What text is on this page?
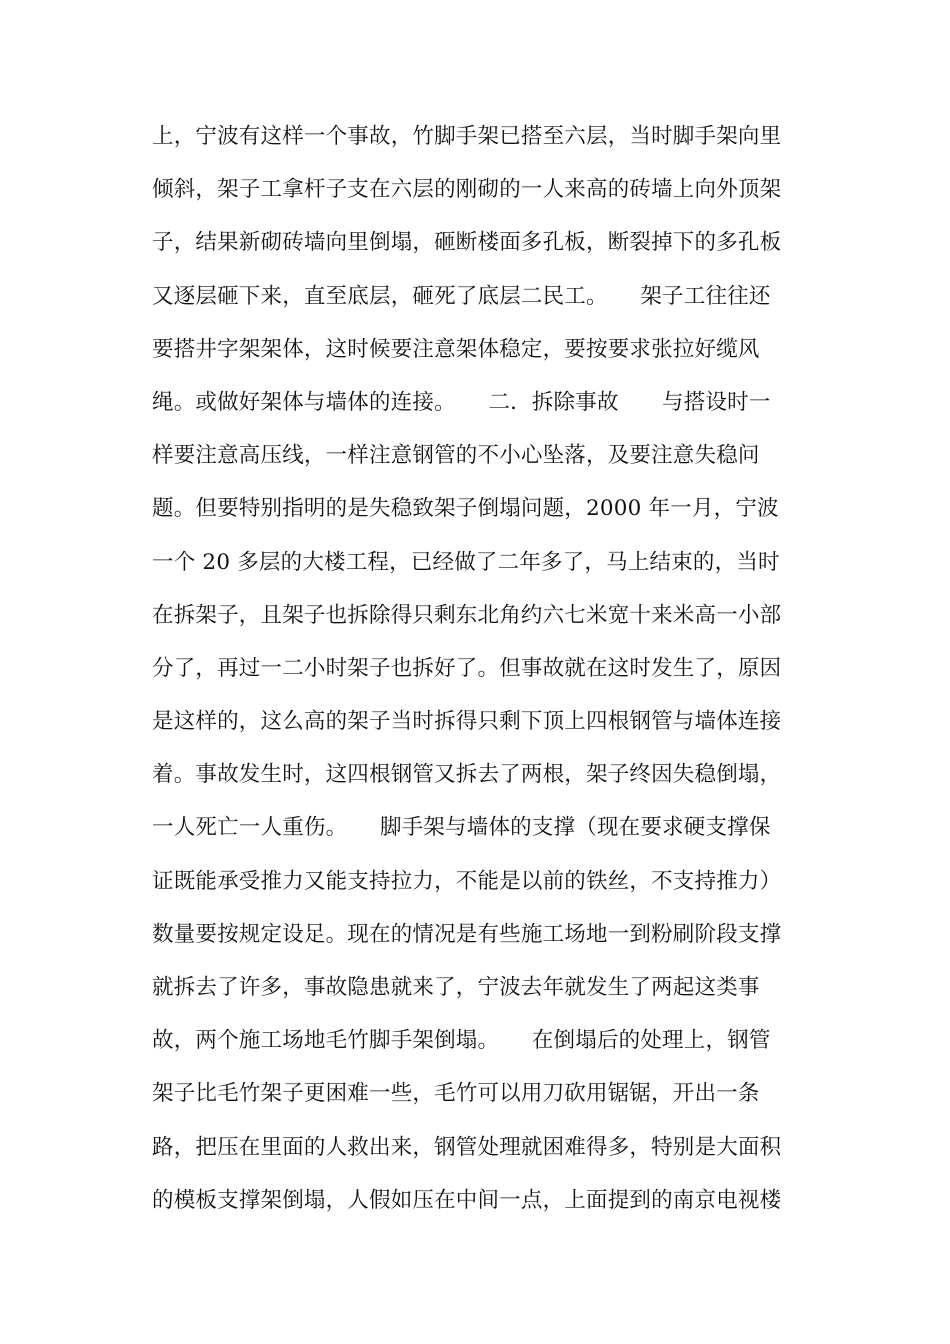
上，宁波有这样一个事故，竹脚手架已搭至六层，当时脚手架向里
倾斜，架子工拿杆子支在六层的刚砌的一人来高的砖墙上向外顶架
子，结果新砌砖墙向里倒塌，砸断楼面多孔板，断裂掉下的多孔板
又逐层砸下来，直至底层，砸死了底层二民工。　　架子工往往还
要搭井字架架体，这时候要注意架体稳定，要按要求张拉好缆风
绳。或做好架体与墙体的连接。　　二．拆除事故　　与搭设时一
样要注意高压线，一样注意钢管的不小心坠落，及要注意失稳问
题。但要特别指明的是失稳致架子倒塌问题，2000 年一月，宁波
一个 20 多层的大楼工程，已经做了二年多了，马上结束的，当时
在拆架子，且架子也拆除得只剩东北角约六七米宽十来米高一小部
分了，再过一二小时架子也拆好了。但事故就在这时发生了，原因
是这样的，这么高的架子当时拆得只剩下顶上四根钢管与墙体连接
着。事故发生时，这四根钢管又拆去了两根，架子终因失稳倒塌，
一人死亡一人重伤。　　脚手架与墙体的支撑（现在要求硬支撑保
证既能承受推力又能支持拉力，不能是以前的铁丝，不支持推力）
数量要按规定设足。现在的情况是有些施工场地一到粉刷阶段支撑
就拆去了许多，事故隐患就来了，宁波去年就发生了两起这类事
故，两个施工场地毛竹脚手架倒塌。　　在倒塌后的处理上，钢管
架子比毛竹架子更困难一些，毛竹可以用刀砍用锯锯，开出一条
路，把压在里面的人救出来，钢管处理就困难得多，特别是大面积
的模板支撑架倒塌，人假如压在中间一点，上面提到的南京电视楼
